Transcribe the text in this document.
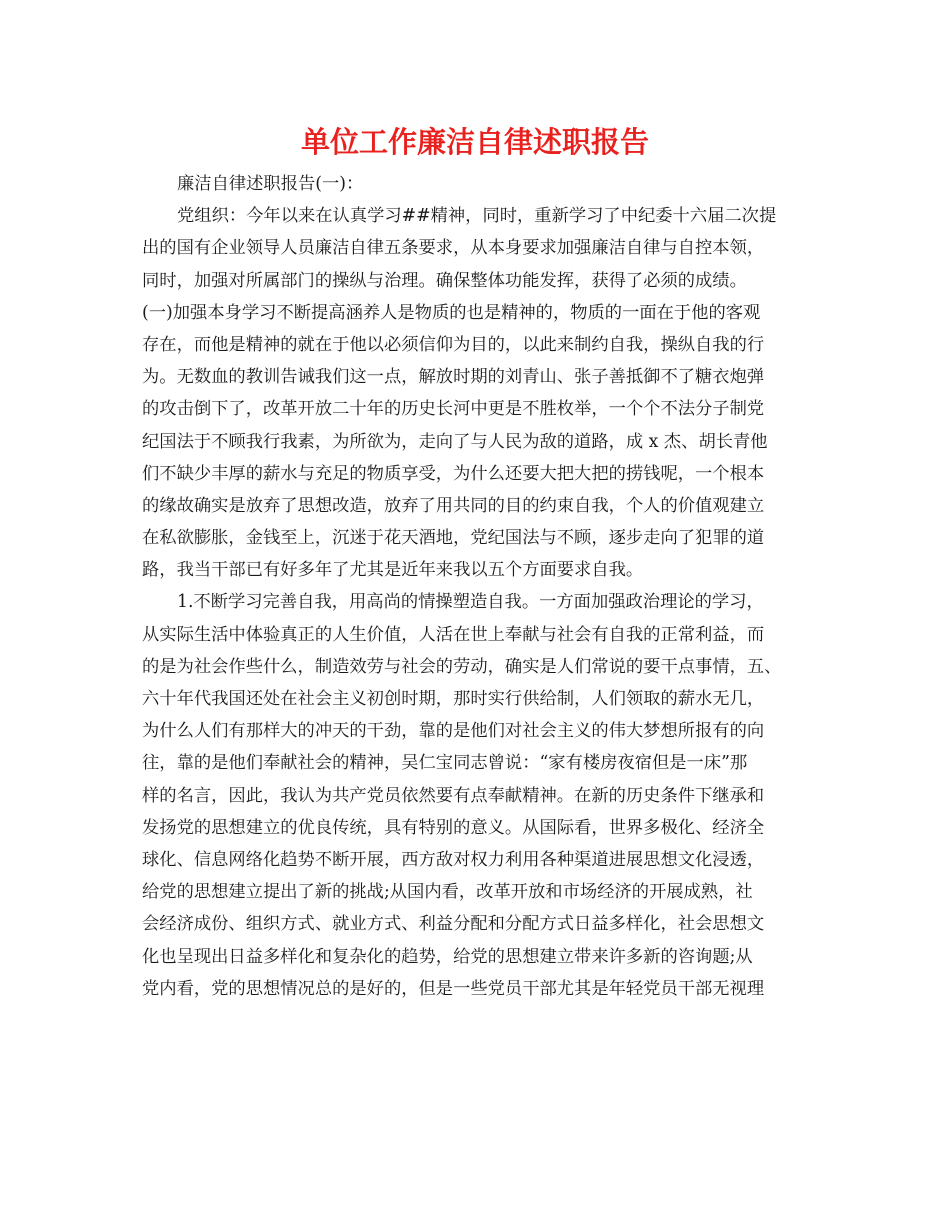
单位工作廉洁自律述职报告
廉洁自律述职报告(一)：
党组织：今年以来在认真学习##精神，同时，重新学习了中纪委十六届二次提
出的国有企业领导人员廉洁自律五条要求，从本身要求加强廉洁自律与自控本领，
同时，加强对所属部门的操纵与治理。确保整体功能发挥，获得了必须的成绩。
(一)加强本身学习不断提高涵养人是物质的也是精神的，物质的一面在于他的客观
存在，而他是精神的就在于他以必须信仰为目的，以此来制约自我，操纵自我的行
为。无数血的教训告诫我们这一点，解放时期的刘青山、张子善抵御不了糖衣炮弹
的攻击倒下了，改革开放二十年的历史长河中更是不胜枚举，一个个不法分子制党
纪国法于不顾我行我素，为所欲为，走向了与人民为敌的道路，成 x 杰、胡长青他
们不缺少丰厚的薪水与充足的物质享受，为什么还要大把大把的捞钱呢，一个根本
的缘故确实是放弃了思想改造，放弃了用共同的目的约束自我，个人的价值观建立
在私欲膨胀，金钱至上，沉迷于花天酒地，党纪国法与不顾，逐步走向了犯罪的道
路，我当干部已有好多年了尤其是近年来我以五个方面要求自我。
1.不断学习完善自我，用高尚的情操塑造自我。一方面加强政治理论的学习，
从实际生活中体验真正的人生价值，人活在世上奉献与社会有自我的正常利益，而
的是为社会作些什么，制造效劳与社会的劳动，确实是人们常说的要干点事情，五、
六十年代我国还处在社会主义初创时期，那时实行供给制，人们领取的薪水无几，
为什么人们有那样大的冲天的干劲，靠的是他们对社会主义的伟大梦想所报有的向
往，靠的是他们奉献社会的精神，吴仁宝同志曾说：“家有楼房夜宿但是一床”那
样的名言，因此，我认为共产党员依然要有点奉献精神。在新的历史条件下继承和
发扬党的思想建立的优良传统，具有特别的意义。从国际看，世界多极化、经济全
球化、信息网络化趋势不断开展，西方敌对权力利用各种渠道进展思想文化浸透，
给党的思想建立提出了新的挑战;从国内看，改革开放和市场经济的开展成熟，社
会经济成份、组织方式、就业方式、利益分配和分配方式日益多样化，社会思想文
化也呈现出日益多样化和复杂化的趋势，给党的思想建立带来许多新的咨询题;从
党内看，党的思想情况总的是好的，但是一些党员干部尤其是年轻党员干部无视理
